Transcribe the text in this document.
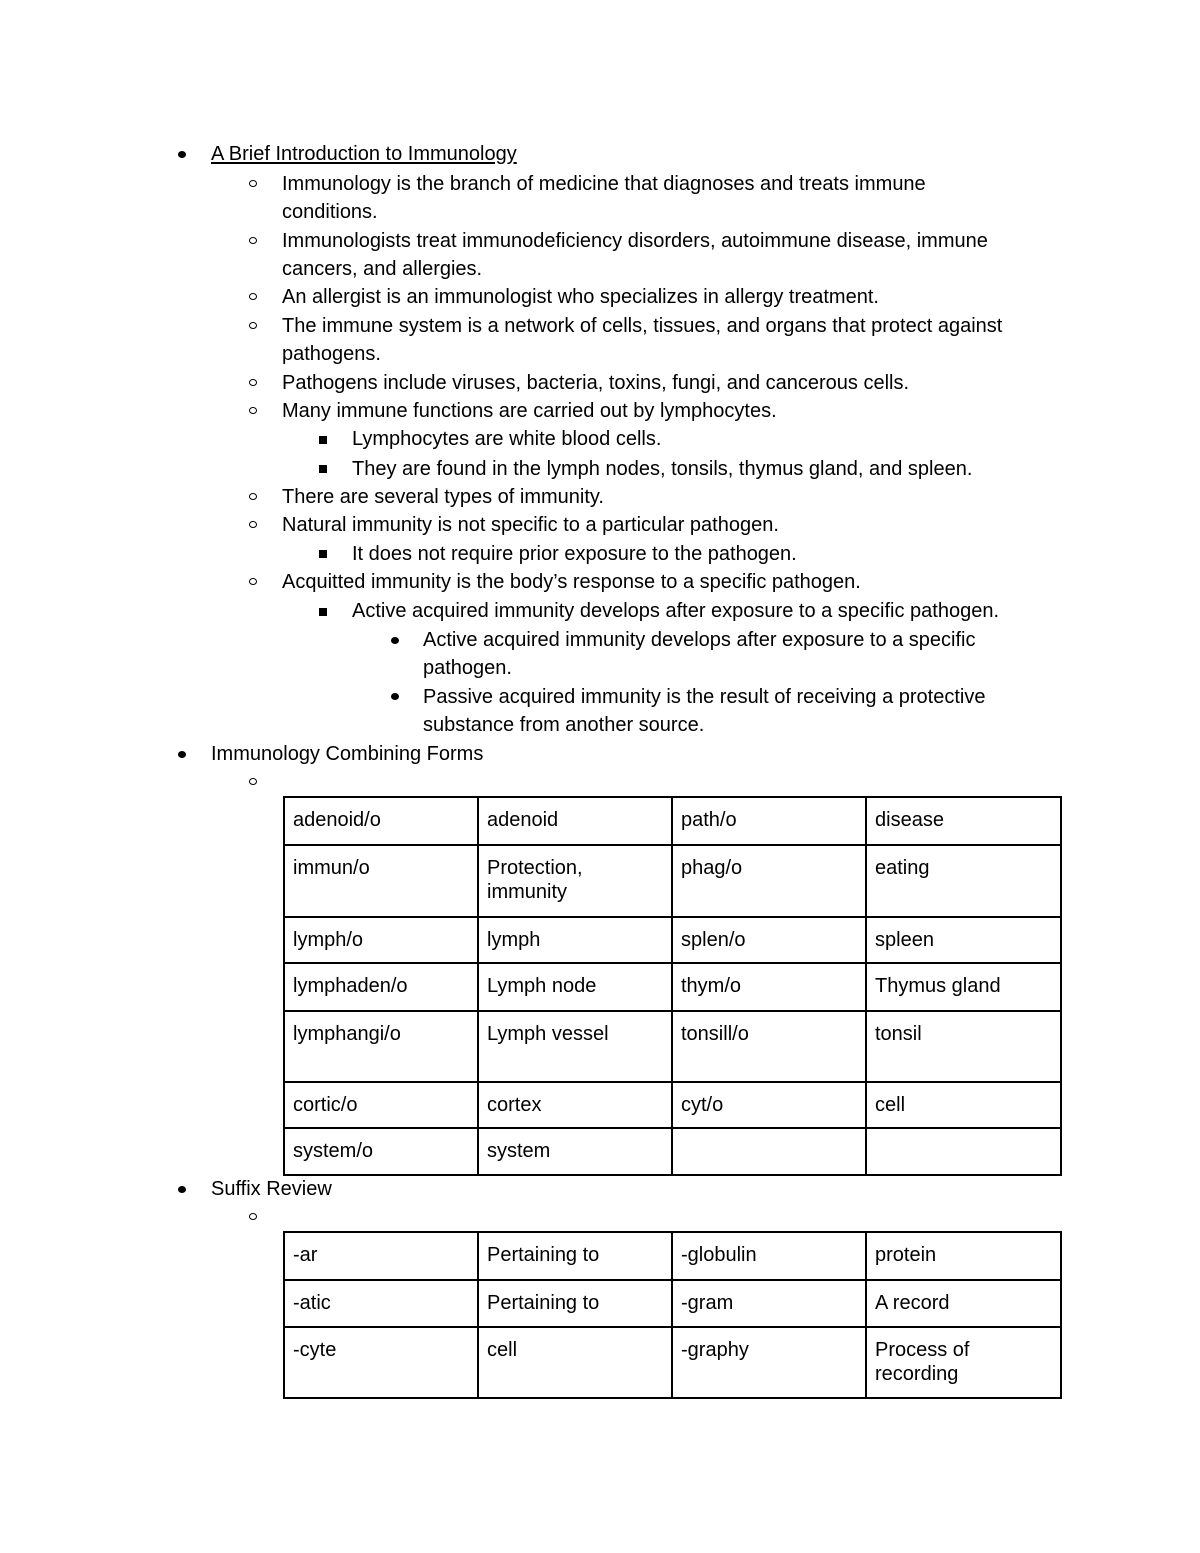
A Brief Introduction to Immunology
Immunology is the branch of medicine that diagnoses and treats immune
conditions.
Immunologists treat immunodeficiency disorders, autoimmune disease, immune
cancers, and allergies.
An allergist is an immunologist who specializes in allergy treatment.
The immune system is a network of cells, tissues, and organs that protect against
pathogens.
Pathogens include viruses, bacteria, toxins, fungi, and cancerous cells.
Many immune functions are carried out by lymphocytes.
Lymphocytes are white blood cells.
They are found in the lymph nodes, tonsils, thymus gland, and spleen.
There are several types of immunity.
Natural immunity is not specific to a particular pathogen.
It does not require prior exposure to the pathogen.
Acquitted immunity is the body’s response to a specific pathogen.
Active acquired immunity develops after exposure to a specific pathogen.
Active acquired immunity develops after exposure to a specific
pathogen.
Passive acquired immunity is the result of receiving a protective
substance from another source.
Immunology Combining Forms
adenoid/o	adenoid	path/o	disease
immun/o	Protection,
immunity	phag/o	eating
lymph/o	lymph	splen/o	spleen
lymphaden/o	Lymph node	thym/o	Thymus gland
lymphangi/o	Lymph vessel	tonsill/o	tonsil
cortic/o	cortex	cyt/o	cell
system/o	system		
Suffix Review
-ar	Pertaining to	-globulin	protein
-atic	Pertaining to	-gram	A record
-cyte	cell	-graphy	Process of
recording
